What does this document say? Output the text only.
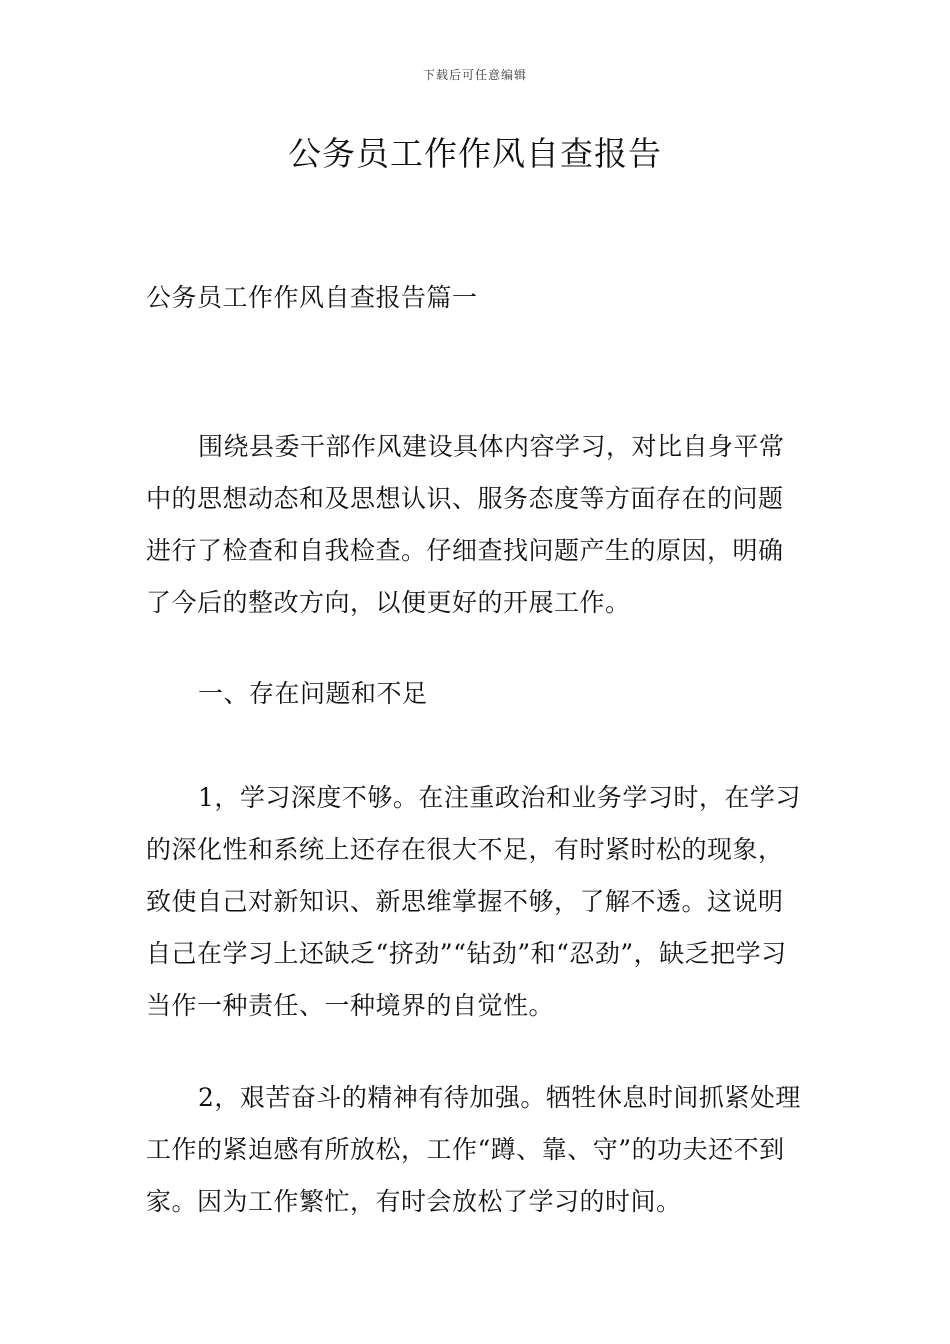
下载后可任意编辑
公务员工作作风自查报告

公务员工作作风自查报告篇一

围绕县委干部作风建设具体内容学习，对比自身平常中的思想动态和及思想认识、服务态度等方面存在的问题进行了检查和自我检查。仔细查找问题产生的原因，明确了今后的整改方向，以便更好的开展工作。

一、存在问题和不足

1，学习深度不够。在注重政治和业务学习时，在学习的深化性和系统上还存在很大不足，有时紧时松的现象，致使自己对新知识、新思维掌握不够，了解不透。这说明自己在学习上还缺乏“挤劲”“钻劲”和“忍劲”，缺乏把学习当作一种责任、一种境界的自觉性。

2，艰苦奋斗的精神有待加强。牺牲休息时间抓紧处理工作的紧迫感有所放松，工作“蹲、靠、守”的功夫还不到家。因为工作繁忙，有时会放松了学习的时间。
